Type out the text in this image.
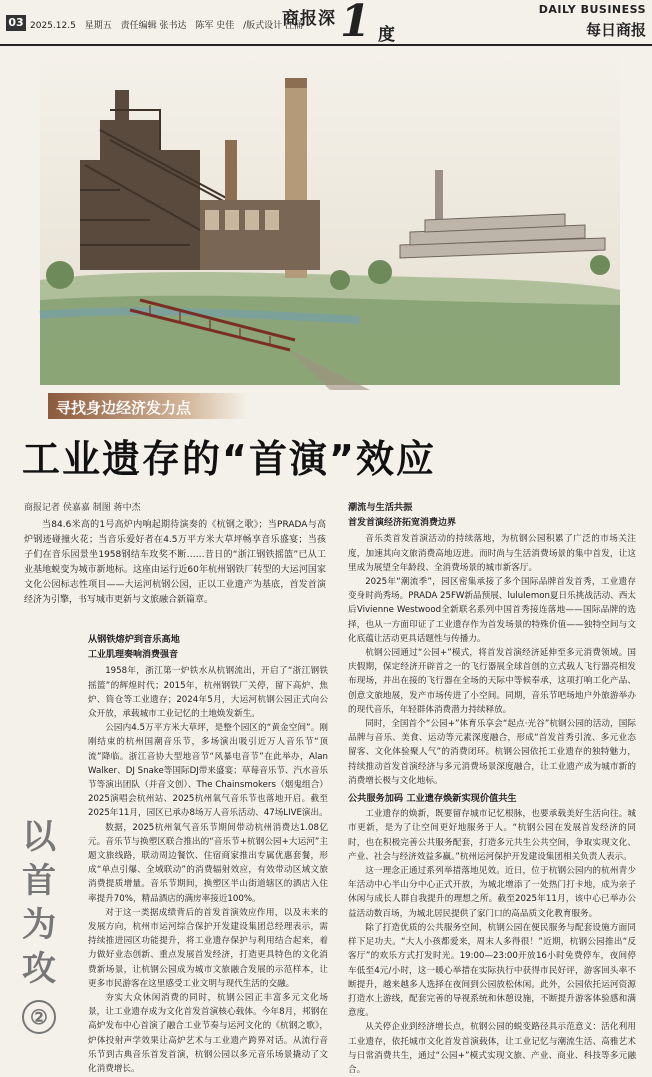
03 2025.12.5 星期五 责任编辑 张书达 陈军 史佳 /版式设计 汪涌
商报深 1 度
DAILY BUSINESS
每日商报
寻找身边经济发力点
工业遗存的“首演”效应
商报记者 侯嘉嘉 制图 蒋中杰

当84.6米高的1号高炉内响起期待演奏的《杭钢之歌》；当PRADA与高炉钢迹碰撞火花；当音乐爱好者在4.5万平方米大草坪畅享音乐盛宴；当孩子们在音乐园景坐1958钢结车玫奖不断……昔日的“浙江钢铁摇篮”已从工业基地蜕变为城市新地标。这座由运行近60年杭州钢铁厂转型的大运河国家文化公园标志性项目——大运河杭钢公园，正以工业遗产为基底，首发首演经济为引擎，书写城市更新与文旅融合新篇章。

以
首
为
攻
②
从钢铁熔炉到音乐高地
工业肌理奏响消费强音

1958年，浙江第一炉铁水从杭钢流出，开启了“浙江钢铁摇篮”的辉煌时代；2015年，杭州钢铁厂关停，留下高炉、焦炉、筒仓等工业遗存；2024年5月，大运河杭钢公园正式向公众开放，承载城市工业记忆的土地焕发新生。

公园内4.5万平方米大草坪，是整个园区的“黄金空间”。刚刚结束的杭州国潮音乐节，多场演出吸引近万人音乐节“顶流”降临。浙江音协大型地音节“风暴电音节”在此举办，Alan Walker、DJ Snake等国际DJ带来盛宴；草莓音乐节、汽水音乐节等演出团队（并音文创）、The Chainsmokers（烟鬼组合）2025演唱会杭州站、2025杭州氧气音乐节也落地开启。截至2025年11月，园区已承办8场万人音乐活动、47场LIVE演出。

数据，2025杭州氧气音乐节期间带动杭州消费达1.08亿元。音乐节与换塑区联合推出的“音乐节+杭钢公园+大运河”主题文旅线路，联动周边餐饮、住宿商家推出专属优惠套餐，形成“单点引爆、全域联动”的消费辐射效应，有效带动区域文旅消费提质增量。音乐节期间，换塑区半山街道辖区的酒店入住率提升70%，精品酒店的满房率接近100%。

对于这一类据成绩背后的首发首演效应作用，以及未来的发展方向，杭州市运河综合保护开发建设集团总经理表示，需持续推进园区功能提升，将工业遗存保护与利用结合起来，着力做好业态创新、重点发展首发经济，打造更具特色的文化消费新场景，让杭钢公园成为城市文旅融合发展的示范样本，让更多市民游客在这里感受工业文明与现代生活的交融。

夯实大众休闲消费的同时，杭钢公园正丰富多元文化场景，让工业遗存成为文化首发首演核心载体。今年8月，邦钢在高炉发布中心首演了融合工业节奏与运河文化的《杭钢之歌》，炉体投射声学效果让高炉艺术与工业遗产跨界对话。从流行音乐节到古典音乐首发首演，杭钢公园以多元音乐场景撬动了文化消费增长。

潮流与生活共振
首发首演经济拓宽消费边界

音乐类首发首演活动的持续落地，为杭钢公园积累了广泛的市场关注度，加速其向文旅消费高地迈进。而时尚与生活消费场景的集中首发，让这里成为展望全年龄段、全消费场景的城市新客厅。

2025年“潮流季”，园区密集承接了多个国际品牌首发首秀，工业遗存变身时尚秀场。PRADA 25FW新品预展、lululemon夏日乐挑战活动、西太后Vivienne Westwood全新联名系列中国首秀接连落地——国际品牌的选择，也从一方面印证了工业遗存作为首发场景的特殊价值——独特空间与文化底蕴让活动更具话题性与传播力。

杭钢公园通过“公园+”模式，将首发首演经济延伸至多元消费领域。国庆假期，保定经济开辟首之一的飞行器展全球首创的立式载人飞行器亮相发布现场，并出在接的飞行器在全场的天际中等候奉承，这项打响工化产品、创意文旅地展，发产市场传进了小空间。同期，音乐节吧场地户外旅游举办的现代音乐，年轻群体消费潜力持续释放。

同时，全国首个“公园+”体育乐享会“起点·光谷”杭钢公园的活动，国际品牌与音乐、美食、运动等元素深度融合，形成“首发首秀引流、多元业态留客、文化体验聚人气”的消费闭环。杭钢公园依托工业遗存的独特魅力，持续推动首发首演经济与多元消费场景深度融合，让工业遗产成为城市新的消费增长极与文化地标。

公共服务加码 工业遗存焕新实现价值共生

工业遗存的焕新，既要留存城市记忆根脉，也要承载美好生活向往。城市更新，是为了让空间更好地服务于人。“杭钢公园在发展首发经济的同时，也在积极完善公共服务配套，打造多元共生公共空间，争取实现文化、产业、社会与经济效益多赢。”杭州运河保护开发建设集团相关负责人表示。

这一理念正通过系列举措落地见效。近日，位于杭钢公园内的杭州青少年活动中心半山分中心正式开放，为城北增添了一处热门打卡地，成为亲子休闲与成长人群自我提升的理想之所。截至2025年11月，该中心已举办公益活动数百场，为城北居民提供了家门口的高品质文化教育服务。

除了打造优质的公共服务空间，杭钢公园在便民服务与配套设施方面同样下足功夫。“大人小孩都爱来，周末人多得很！”近期，杭钢公园推出“反客厅”的欢乐方式打发时光。19:00—23:00开放16小时免费停车，夜间停车低至4元/小时，这一暖心举措在实际执行中获得市民好评，游客回头率不断提升，越来越多人选择在夜间到公园放松休闲。此外，公园依托运河资源打造水上游线，配套完善的导视系统和休憩设施，不断提升游客体验感和满意度。

从关停企业到经济增长点，杭钢公园的蜕变路径具示范意义：活化利用工业遗存，依托城市文化首发首演载体，让工业记忆与潮流生活、高雅艺术与日常消费共生，通过“公园+”模式实现文旅、产业、商业、科技等多元融合。
